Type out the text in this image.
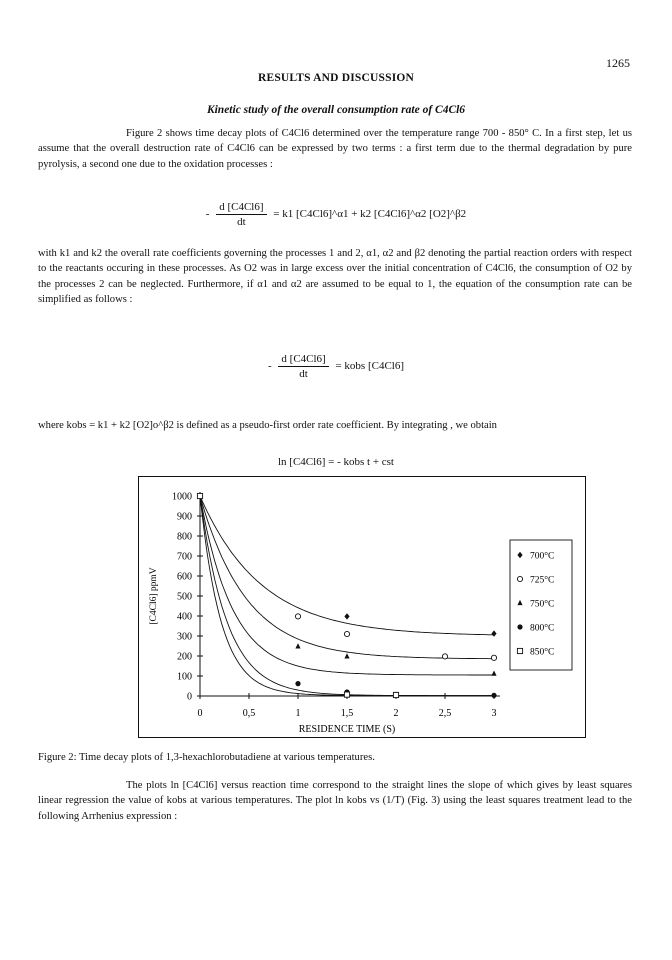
1265
RESULTS AND DISCUSSION
Kinetic study of the overall consumption rate of C4Cl6
Figure 2 shows time decay plots of C4Cl6 determined over the temperature range 700 - 850° C. In a first step, let us assume that the overall destruction rate of C4Cl6 can be expressed by two terms : a first term due to the thermal degradation by pure pyrolysis, a second one due to the oxidation processes :
- $\frac{d [C4Cl6]}{dt} = k1$ [C4Cl6]^α1 + k2 [C4Cl6]^α2 [O2]^β2
with k1 and k2 the overall rate coefficients governing the processes 1 and 2, α1, α2 and β2 denoting the partial reaction orders with respect to the reactants occuring in these processes. As O2 was in large excess over the initial concentration of C4Cl6, the consumption of O2 by the processes 2 can be neglected. Furthermore, if α1 and α2 are assumed to be equal to 1, the equation of the consumption rate can be simplified as follows :
- $\frac{d [C4Cl6]}{dt}$ = kobs [C4Cl6]
where kobs = k1 + k2 [O2]o^β2 is defined as a pseudo-first order rate coefficient. By integrating , we obtain
ln [C4Cl6] = - kobs t + cst
0
100
200
300
400
500
600
700
800
900
1000
0	0,5	1	1,5	2	2,5	3
RESIDENCE TIME (S)
[C4Cl6] ppmV
700°C
725°C
750°C
800°C
850°C
Figure 2: Time decay plots of 1,3-hexachlorobutadiene at various temperatures.
The plots ln [C4Cl6] versus reaction time correspond to the straight lines the slope of which gives by least squares linear regression the value of kobs at various temperatures. The plot ln kobs vs (1/T) (Fig. 3) using the least squares treatment lead to the following Arrhenius expression :
